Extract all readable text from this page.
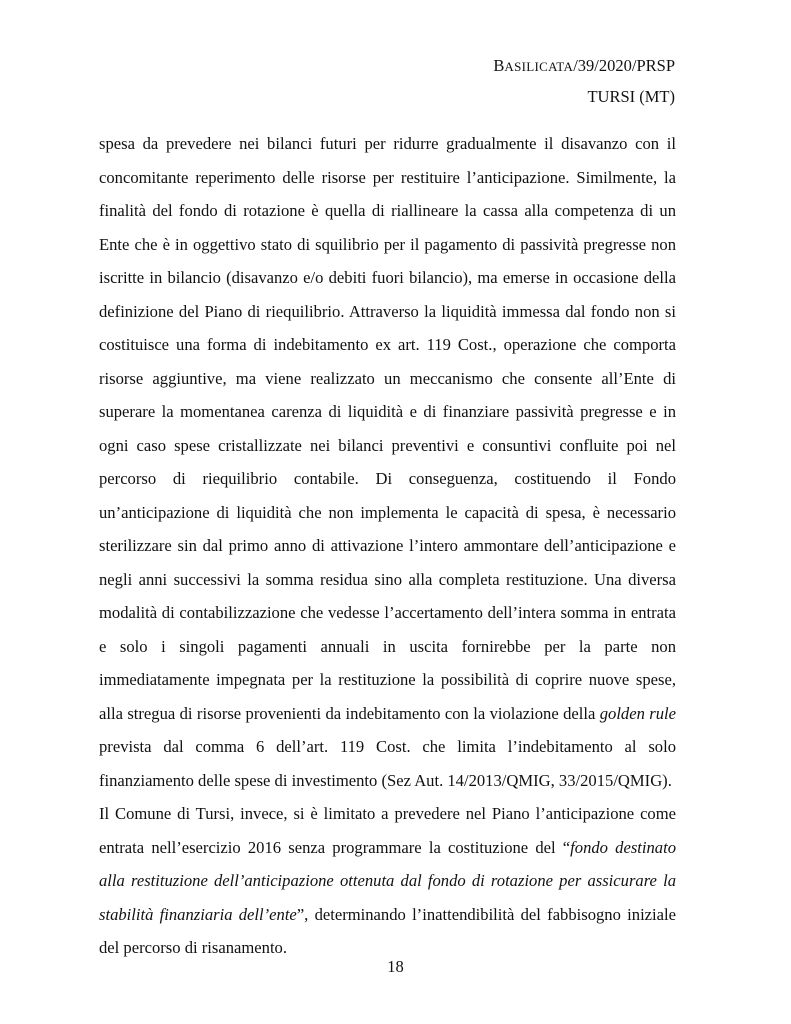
BASILICATA/39/2020/PRSP
TURSI (MT)

spesa da prevedere nei bilanci futuri per ridurre gradualmente il disavanzo con il concomitante reperimento delle risorse per restituire l’anticipazione. Similmente, la finalità del fondo di rotazione è quella di riallineare la cassa alla competenza di un Ente che è in oggettivo stato di squilibrio per il pagamento di passività pregresse non iscritte in bilancio (disavanzo e/o debiti fuori bilancio), ma emerse in occasione della definizione del Piano di riequilibrio. Attraverso la liquidità immessa dal fondo non si costituisce una forma di indebitamento ex art. 119 Cost., operazione che comporta risorse aggiuntive, ma viene realizzato un meccanismo che consente all’Ente di superare la momentanea carenza di liquidità e di finanziare passività pregresse e in ogni caso spese cristallizzate nei bilanci preventivi e consuntivi confluite poi nel percorso di riequilibrio contabile. Di conseguenza, costituendo il Fondo un’anticipazione di liquidità che non implementa le capacità di spesa, è necessario sterilizzare sin dal primo anno di attivazione l’intero ammontare dell’anticipazione e negli anni successivi la somma residua sino alla completa restituzione. Una diversa modalità di contabilizzazione che vedesse l’accertamento dell’intera somma in entrata e solo i singoli pagamenti annuali in uscita fornirebbe per la parte non immediatamente impegnata per la restituzione la possibilità di coprire nuove spese, alla stregua di risorse provenienti da indebitamento con la violazione della golden rule prevista dal comma 6 dell’art. 119 Cost. che limita l’indebitamento al solo finanziamento delle spese di investimento (Sez Aut. 14/2013/QMIG, 33/2015/QMIG).

Il Comune di Tursi, invece, si è limitato a prevedere nel Piano l’anticipazione come entrata nell’esercizio 2016 senza programmare la costituzione del “fondo destinato alla restituzione dell’anticipazione ottenuta dal fondo di rotazione per assicurare la stabilità finanziaria dell’ente”, determinando l’inattendibilità del fabbisogno iniziale del percorso di risanamento.

18
